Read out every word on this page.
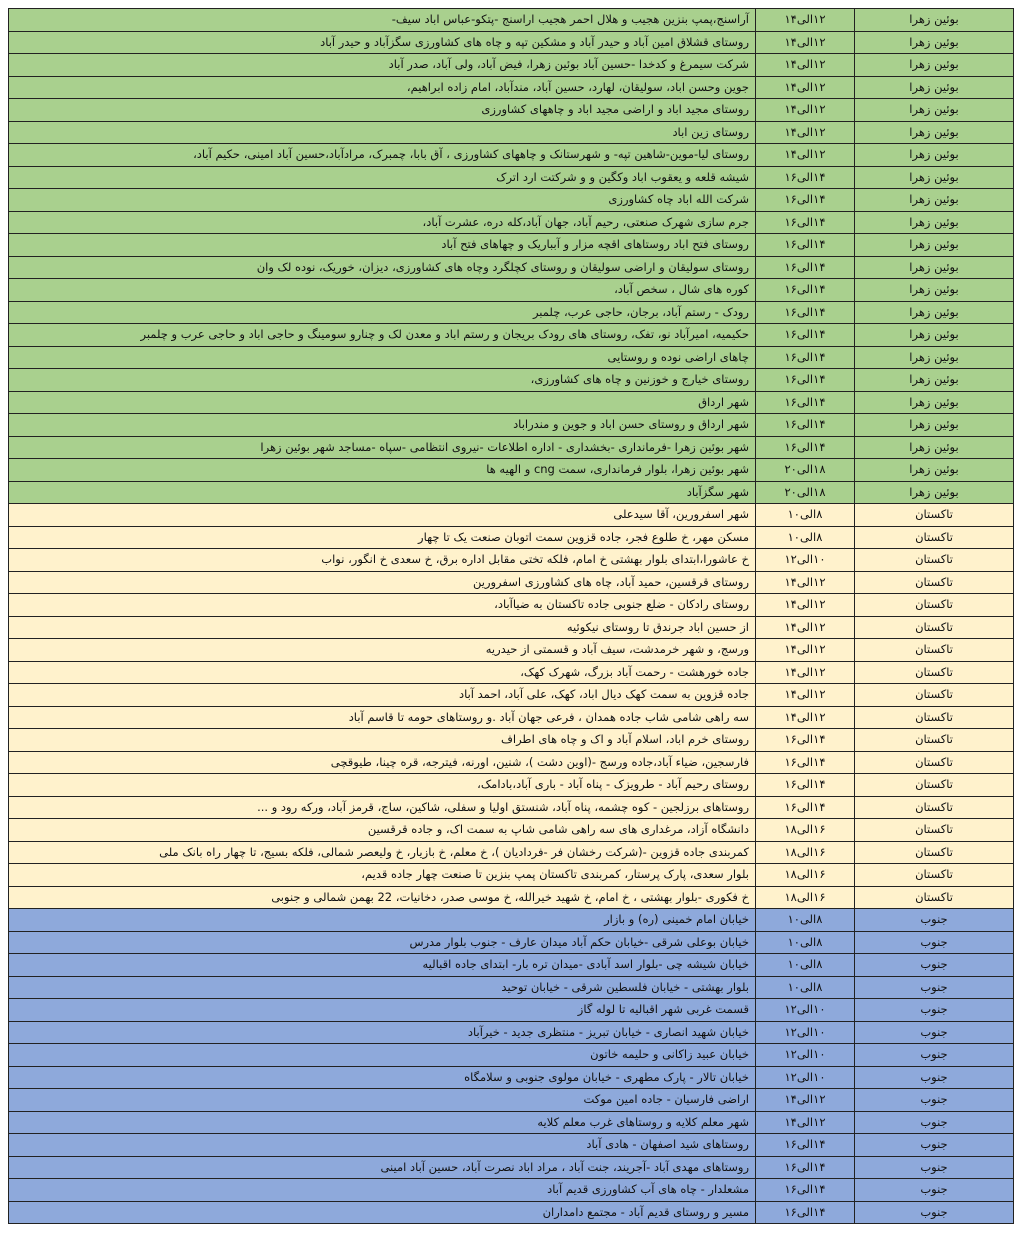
بوئین زهرا	۱۲الی۱۴	آراسنج،پمپ بنزین هجیب و هلال احمر هجیب اراسنج -پتکو-عباس اباد سیف-
بوئین زهرا	۱۲الی۱۴	روستای قشلاق امین آباد و حیدر آباد و مشکین تپه و چاه های کشاورزی سگزآباد و حیدر آباد
بوئین زهرا	۱۲الی۱۴	شرکت سیمرغ و کدخدا -حسین آباد بوئین زهرا، فیض آباد، ولی آباد، صدر آباد
بوئین زهرا	۱۲الی۱۴	جوین وحسن اباد، سولیقان، لهارد، حسین آباد، مندآباد، امام زاده ابراهیم،
بوئین زهرا	۱۲الی۱۴	روستای مجید اباد و اراضی مجید اباد و چاههای کشاورزی
بوئین زهرا	۱۲الی۱۴	روستای زین اباد
بوئین زهرا	۱۲الی۱۴	روستای لیا-موین-شاهین تپه- و شهرستانک و چاههای کشاورزی ، آق بابا، چمبرک، مرادآباد،حسین آباد امینی، حکیم آباد،
بوئین زهرا	۱۴الی۱۶	شیشه قلعه و یعقوب اباد وکگین و و شرکتت ارد اترک
بوئین زهرا	۱۴الی۱۶	شرکت الله اباد چاه کشاورزی
بوئین زهرا	۱۴الی۱۶	جرم سازی شهرک صنعتی، رحیم آباد، جهان آباد،کله دره، عشرت آباد،
بوئین زهرا	۱۴الی۱۶	روستای فتح اباد روستاهای اقچه مزار و آبباریک و چهاهای فتح آباد
بوئین زهرا	۱۴الی۱۶	روستای سولیقان و اراضی سولیقان و روستای کچلگرد وچاه های کشاورزی، دیزان، خوریک، نوده لک وان
بوئین زهرا	۱۴الی۱۶	کوره های شال ، سخص آباد،
بوئین زهرا	۱۴الی۱۶	رودک - رستم آباد، برجان، حاجی عرب، چلمبر
بوئین زهرا	۱۴الی۱۶	حکیمیه، امیرآباد نو، تفک، روستای های رودک بریجان و رستم اباد و معدن لک و چنارو سومینگ و حاجی اباد و حاجی عرب و چلمبر
بوئین زهرا	۱۴الی۱۶	چاهای اراضی نوده و روستایی
بوئین زهرا	۱۴الی۱۶	روستای خیارج و خوزنین و چاه های کشاورزی،
بوئین زهرا	۱۴الی۱۶	شهر ارداق
بوئین زهرا	۱۴الی۱۶	شهر ارداق و روستای حسن اباد و جوین و مندراباد
بوئین زهرا	۱۴الی۱۶	شهر بوئین زهرا -فرمانداری -بخشداری - اداره اطلاعات -نیروی انتظامی -سپاه -مساجد شهر بوئین زهرا
بوئین زهرا	۱۸الی۲۰	شهر بوئین زهرا، بلوار فرمانداری، سمت cng و الهیه ها
بوئین زهرا	۱۸الی۲۰	شهر سگزآباد
تاکستان	۸الی۱۰	شهر اسفرورین، آقا سیدعلی
تاکستان	۸الی۱۰	مسکن مهر، خ طلوع فجر، جاده قزوین سمت اتوبان صنعت یک تا چهار
تاکستان	۱۰الی۱۲	خ عاشورا،ابتدای بلوار بهشتی خ امام، فلکه تختی مقابل اداره برق، خ سعدی خ انگور، نواب
تاکستان	۱۲الی۱۴	روستای قرقسین، حمید آباد، چاه های کشاورزی اسفرورین
تاکستان	۱۲الی۱۴	روستای رادکان - ضلع جنوبی جاده تاکستان به ضیاآباد،
تاکستان	۱۲الی۱۴	از حسین اباد جرندق تا روستای نیکوئیه
تاکستان	۱۲الی۱۴	ورسج، و شهر خرمدشت، سیف آباد و قسمتی از حیدریه
تاکستان	۱۲الی۱۴	جاده خورهشت - رحمت آباد بزرگ، شهرک کهک،
تاکستان	۱۲الی۱۴	جاده قزوین به سمت کهک دیال اباد، کهک، علی آباد، احمد آباد
تاکستان	۱۲الی۱۴	سه راهی شامی شاب جاده همدان ، فرعی جهان آباد .و روستاهای حومه تا قاسم آباد
تاکستان	۱۴الی۱۶	روستای خرم اباد، اسلام آباد و اک و چاه های اطراف
تاکستان	۱۴الی۱۶	فارسجین، ضیاء آباد،جاده ورسج -(اوین دشت )، شنین، اورنه، فیترجه، قره چینا، طیوقچی
تاکستان	۱۴الی۱۶	روستای رحیم آباد - طرویزک - پناه آباد - باری آباد،بادامک،
تاکستان	۱۴الی۱۶	روستاهای برزلجین - کوه چشمه، پناه آباد، شنستق اولیا و سفلی، شاکین، ساج، قرمز آباد، ورکه رود و ...
تاکستان	۱۶الی۱۸	دانشگاه آزاد، مرغداری های سه راهی شامی شاپ به سمت اک، و جاده قرقسین
تاکستان	۱۶الی۱۸	کمربندی جاده قزوین -(شرکت رخشان فر -فردادیان )، خ معلم، خ بازیار، خ ولیعصر شمالی، فلکه بسیج، تا چهار راه بانک ملی
تاکستان	۱۶الی۱۸	بلوار سعدی، پارک پرستار، کمربندی تاکستان پمپ بنزین تا صنعت چهار جاده قدیم،
تاکستان	۱۶الی۱۸	خ فکوری -بلوار بهشتی ، خ امام، خ شهید خیرالله، خ موسی صدر، دخانیات، 22 بهمن شمالی و جنوبی
جنوب	۸الی۱۰	خیابان امام خمینی (ره) و بازار
جنوب	۸الی۱۰	خیابان بوعلی شرقی -خیابان حکم آباد میدان عارف - جنوب بلوار مدرس
جنوب	۸الی۱۰	خیابان شیشه چی -بلوار اسد آبادی -میدان تره بار- ابتدای جاده اقبالیه
جنوب	۸الی۱۰	بلوار بهشتی - خیابان فلسطین شرقی - خیابان توحید
جنوب	۱۰الی۱۲	قسمت غربی شهر اقبالیه تا لوله گاز
جنوب	۱۰الی۱۲	خیابان شهید انصاری - خیابان تبریز - منتظری جدید - خیرآباد
جنوب	۱۰الی۱۲	خیابان عبید زاکانی و حلیمه خاتون
جنوب	۱۰الی۱۲	خیابان تالار - پارک مطهری - خیابان مولوی جنوبی و سلامگاه
جنوب	۱۲الی۱۴	اراضی فارسیان - جاده امین موکت
جنوب	۱۲الی۱۴	شهر معلم کلایه و روستاهای غرب معلم کلایه
جنوب	۱۴الی۱۶	روستاهای شید اصفهان - هادی آباد
جنوب	۱۴الی۱۶	روستاهای مهدی آباد -آجریند، جنت آباد ، مراد اباد نصرت آباد، حسین آباد امینی
جنوب	۱۴الی۱۶	مشعلدار - چاه های آب کشاورزی قدیم آباد
جنوب	۱۴الی۱۶	مسیر و روستای قدیم آباد - مجتمع دامداران
